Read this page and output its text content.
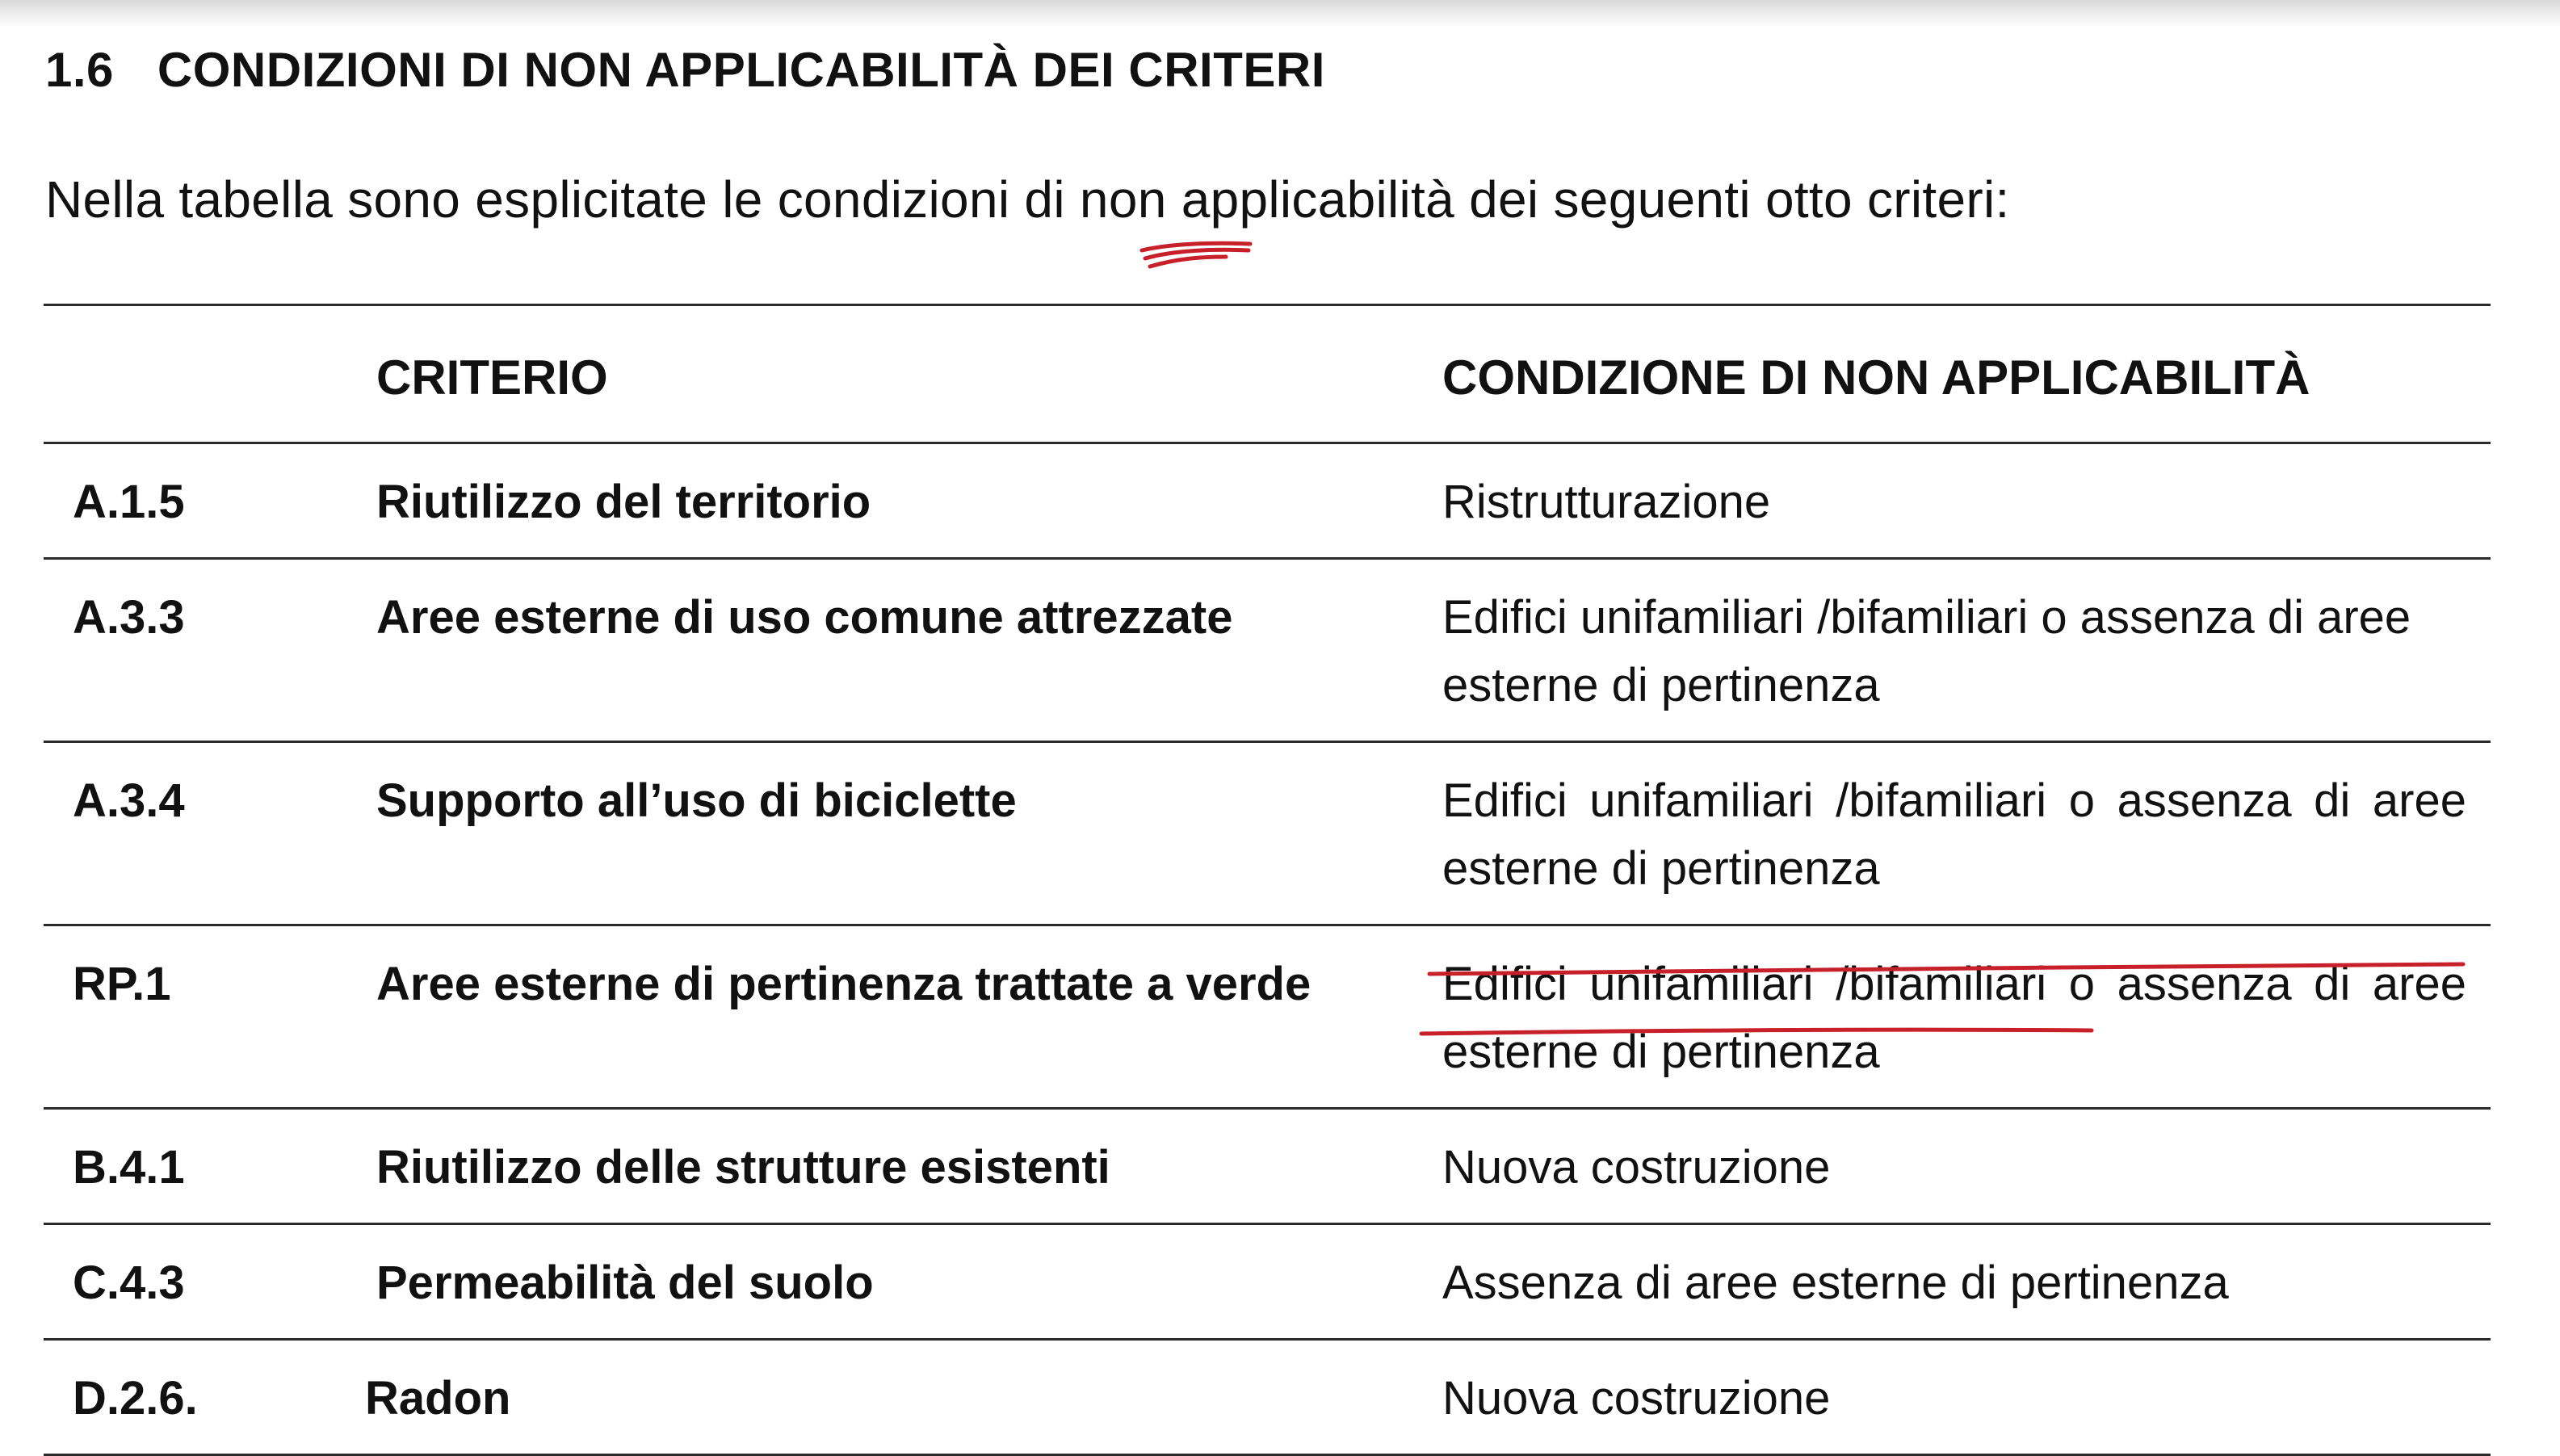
1.6 CONDIZIONI DI NON APPLICABILITÀ DEI CRITERI
Nella tabella sono esplicitate le condizioni di non applicabilità dei seguenti otto criteri:

	CRITERIO	CONDIZIONE DI NON APPLICABILITÀ

A.1.5	Riutilizzo del territorio	Ristrutturazione

A.3.3	Aree esterne di uso comune attrezzate	Edifici unifamiliari /bifamiliari o assenza di aree esterne di pertinenza

A.3.4	Supporto all’uso di biciclette	Edifici unifamiliari /bifamiliari o assenza di aree esterne di pertinenza

RP.1	Aree esterne di pertinenza trattate a verde	Edifici unifamiliari /bifamiliari o assenza di aree esterne di pertinenza

B.4.1	Riutilizzo delle strutture esistenti	Nuova costruzione

C.4.3	Permeabilità del suolo	Assenza di aree esterne di pertinenza

D.2.6.	Radon	Nuova costruzione
